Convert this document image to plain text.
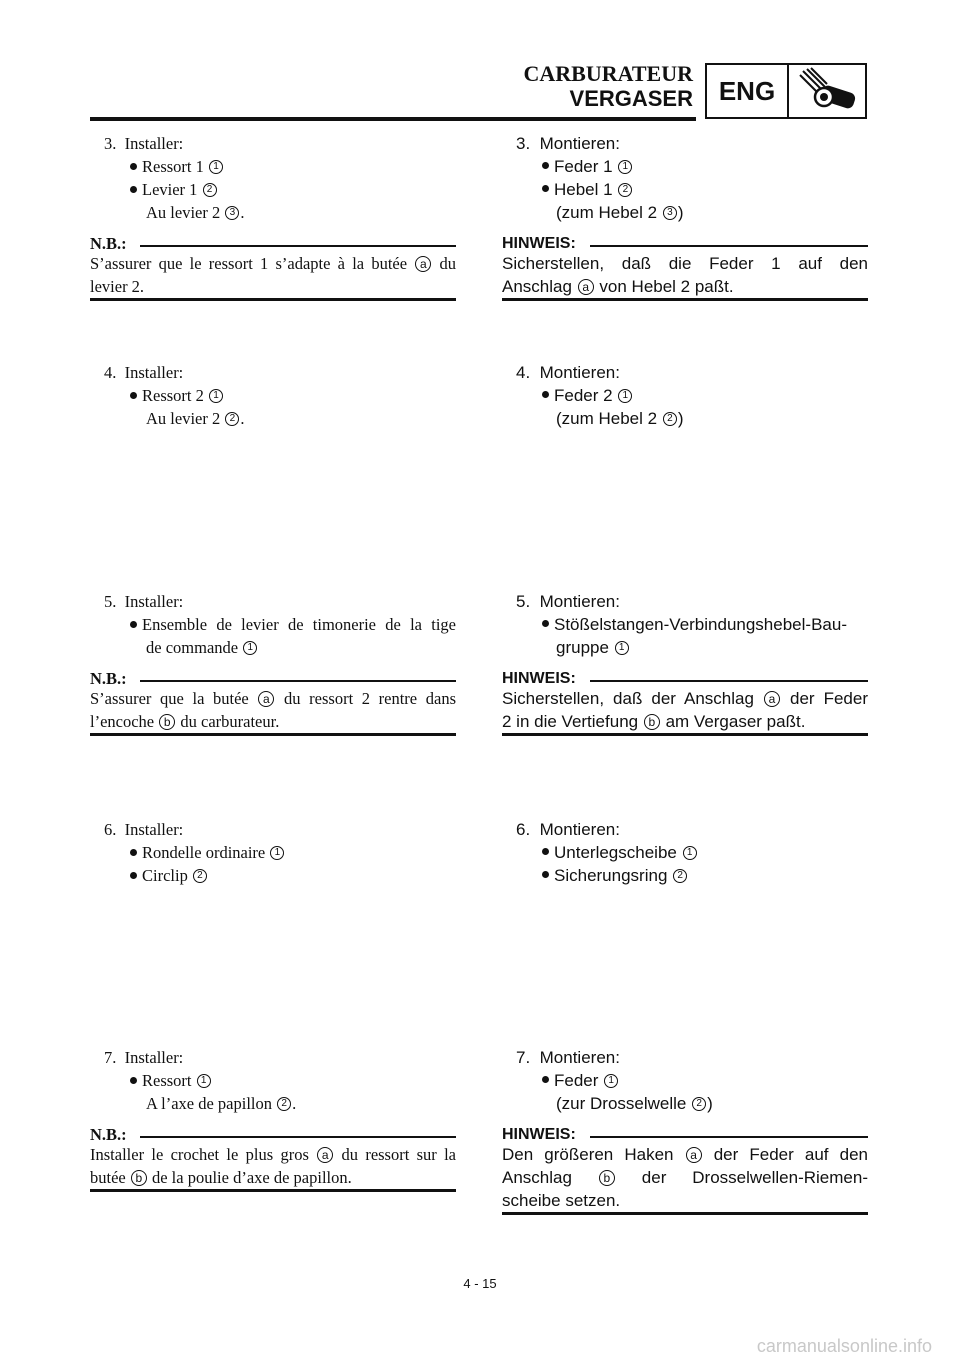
CARBURATEUR
VERGASER ENG
3. Installer:
Ressort 1 1
Levier 1 2
Au levier 2 3 .
N.B.:
S’assurer que le ressort 1 s’adapte à la butée a du
levier 2.
4. Installer:
Ressort 2 1
Au levier 2 2 .
5. Installer:
Ensemble de levier de timonerie de la tige
de commande 1
N.B.:
S’assurer que la butée a du ressort 2 rentre dans
l’encoche b du carburateur.
6. Installer:
Rondelle ordinaire 1
Circlip 2
7. Installer:
Ressort 1
A l’axe de papillon 2 .
N.B.:
Installer le crochet le plus gros a du ressort sur la
butée b de la poulie d’axe de papillon.
3. Montieren:
Feder 1 1
Hebel 1 2
(zum Hebel 2 3 )
HINWEIS:
Sicherstellen, daß die Feder 1 auf den
Anschlag a von Hebel 2 paßt.
4. Montieren:
Feder 2 1
(zum Hebel 2 2 )
5. Montieren:
Stößelstangen-Verbindungshebel-Bau-
gruppe 1
HINWEIS:
Sicherstellen, daß der Anschlag a der Feder
2 in die Vertiefung b am Vergaser paßt.
6. Montieren:
Unterlegscheibe 1
Sicherungsring 2
7. Montieren:
Feder 1
(zur Drosselwelle 2 )
HINWEIS:
Den größeren Haken a der Feder auf den
Anschlag	b der Drosselwellen-Riemen-
scheibe setzen.
4 - 15
carmanualsonline.info
